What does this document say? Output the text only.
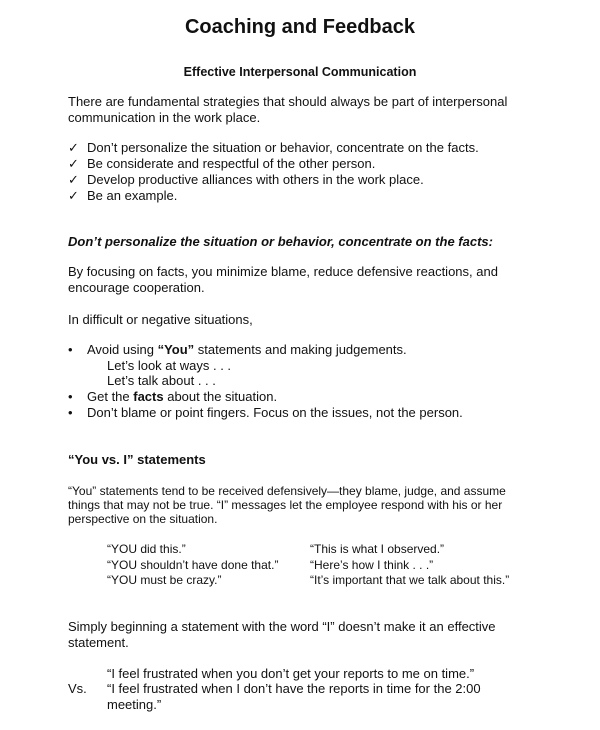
Coaching and Feedback
Effective Interpersonal Communication
There are fundamental strategies that should always be part of interpersonal
communication in the work place.
✓ Don’t personalize the situation or behavior, concentrate on the facts.
✓ Be considerate and respectful of the other person.
✓ Develop productive alliances with others in the work place.
✓ Be an example.
Don’t personalize the situation or behavior, concentrate on the facts:
By focusing on facts, you minimize blame, reduce defensive reactions, and
encourage cooperation.
In difficult or negative situations,
• Avoid using “You” statements and making judgements.
Let’s look at ways . . .
Let’s talk about . . .
• Get the facts about the situation.
• Don’t blame or point fingers. Focus on the issues, not the person.
“You vs. I” statements
“You” statements tend to be received defensively—they blame, judge, and assume
things that may not be true. “I” messages let the employee respond with his or her
perspective on the situation.
“YOU did this.”
“YOU shouldn’t have done that.”
“YOU must be crazy.”
“This is what I observed.”
“Here’s how I think . . .”
“It’s important that we talk about this.”
Simply beginning a statement with the word “I” doesn’t make it an effective
statement.
“I feel frustrated when you don’t get your reports to me on time.”
Vs. “I feel frustrated when I don’t have the reports in time for the 2:00
meeting.”
